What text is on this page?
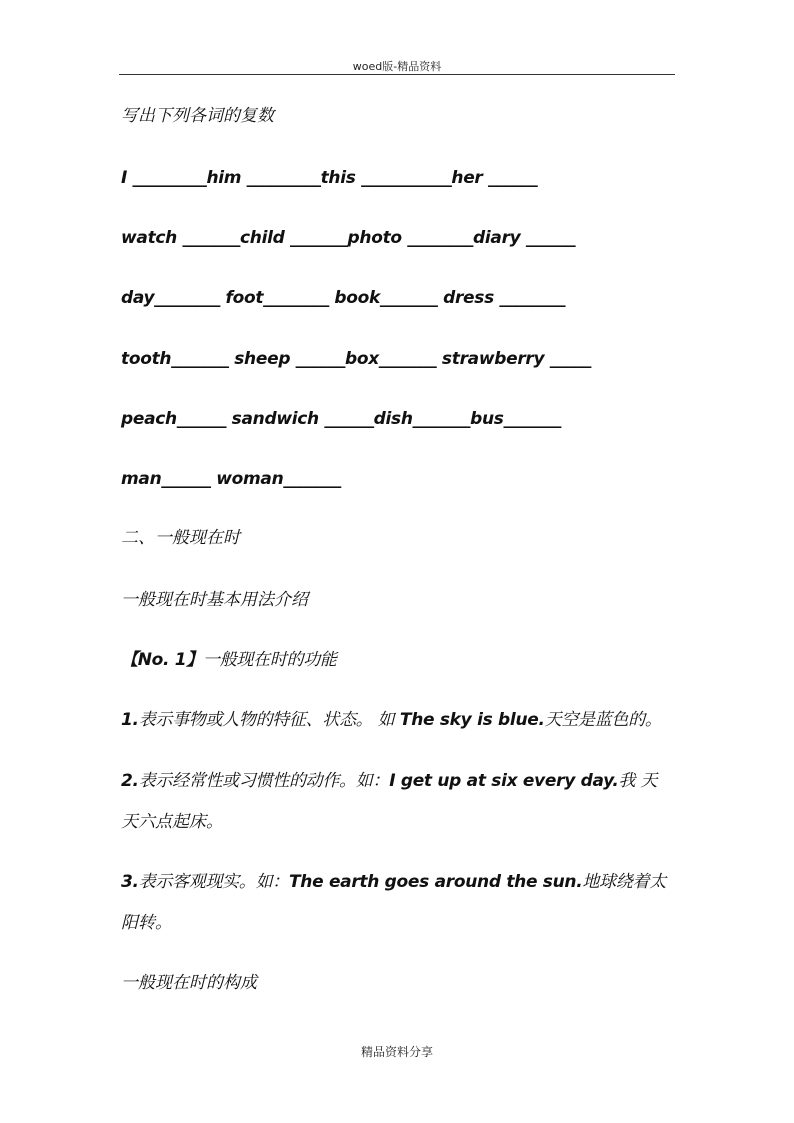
woed版-精品资料
写出下列各词的复数
I _________him _________this ___________her ______
watch _______child _______photo ________diary ______
day________ foot________ book_______ dress ________
tooth_______ sheep ______box_______ strawberry _____
peach______ sandwich ______dish_______bus_______
man______ woman_______
二、一般现在时
一般现在时基本用法介绍
【No. 1】一般现在时的功能
1.表示事物或人物的特征、状态。 如 The sky is blue.天空是蓝色的。
2.表示经常性或习惯性的动作。如：I get up at six every day.我 天
天六点起床。
3.表示客观现实。如：The earth goes around the sun.地球绕着太
阳转。
一般现在时的构成
精品资料分享
